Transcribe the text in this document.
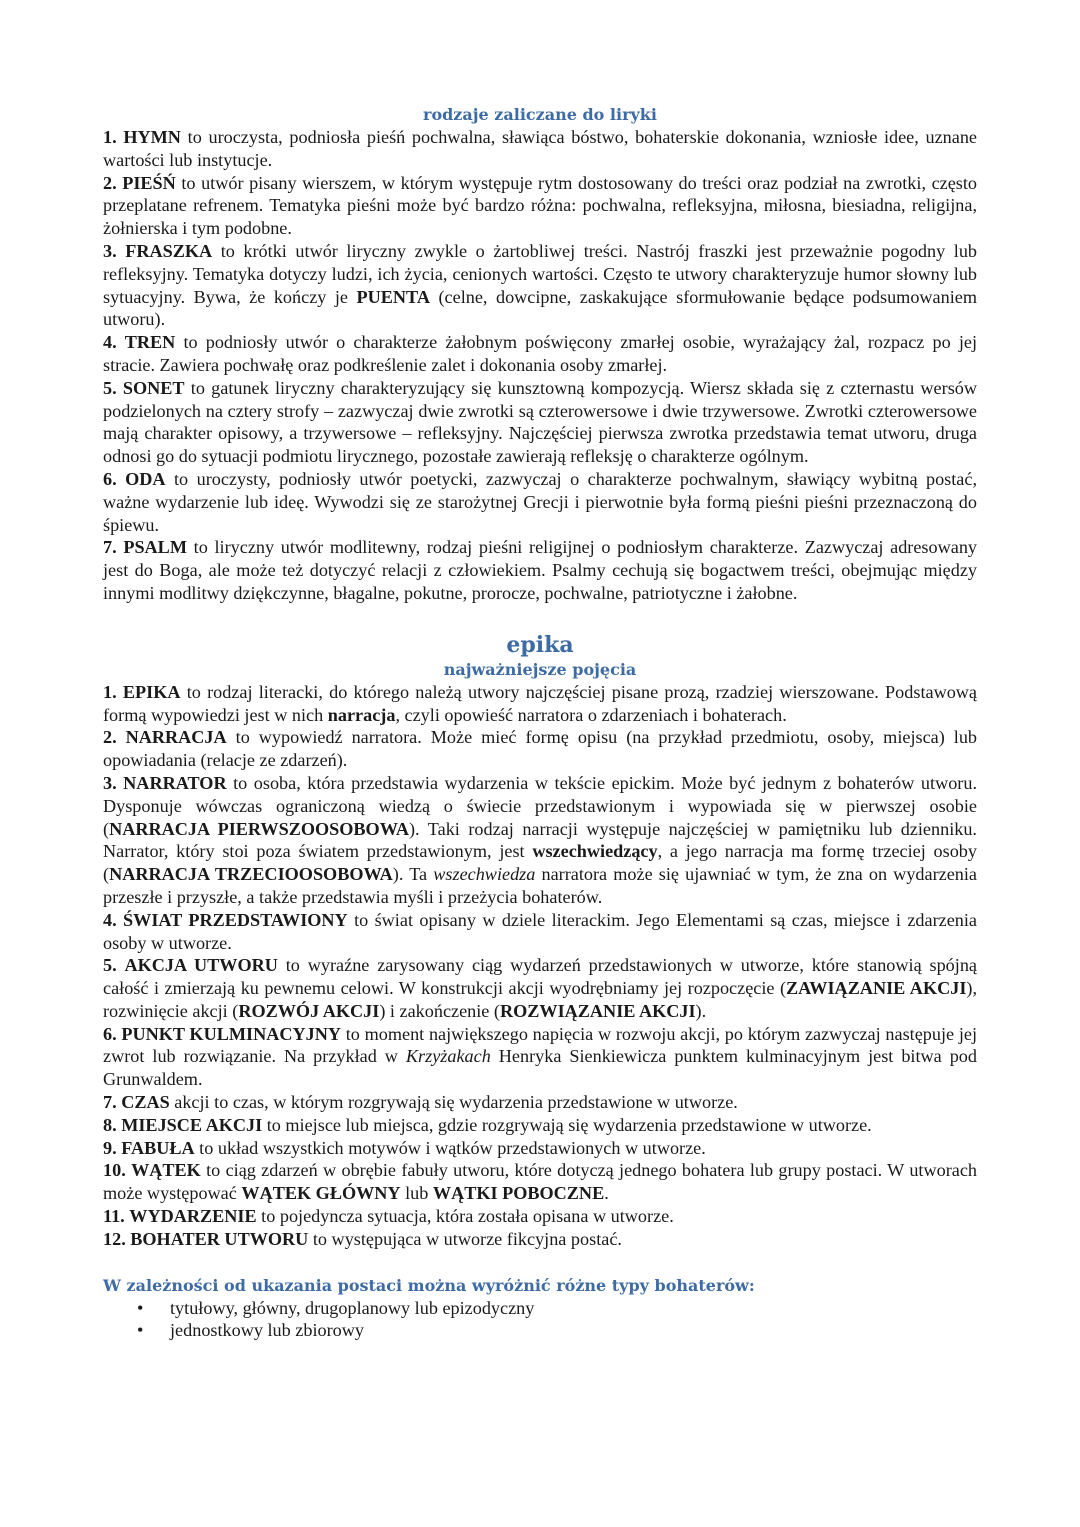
rodzaje zaliczane do liryki

1. HYMN to uroczysta, podniosła pieśń pochwalna, sławiąca bóstwo, bohaterskie dokonania, wzniosłe idee, uznane wartości lub instytucje.

2. PIEŚŃ to utwór pisany wierszem, w którym występuje rytm dostosowany do treści oraz podział na zwrotki, często przeplatane refrenem. Tematyka pieśni może być bardzo różna: pochwalna, refleksyjna, miłosna, biesiadna, religijna, żołnierska i tym podobne.

3. FRASZKA to krótki utwór liryczny zwykle o żartobliwej treści. Nastrój fraszki jest przeważnie pogodny lub refleksyjny. Tematyka dotyczy ludzi, ich życia, cenionych wartości. Często te utwory charakteryzuje humor słowny lub sytuacyjny. Bywa, że kończy je PUENTA (celne, dowcipne, zaskakujące sformułowanie będące podsumowaniem utworu).

4. TREN to podniosły utwór o charakterze żałobnym poświęcony zmarłej osobie, wyrażający żal, rozpacz po jej stracie. Zawiera pochwałę oraz podkreślenie zalet i dokonania osoby zmarłej.

5. SONET to gatunek liryczny charakteryzujący się kunsztowną kompozycją. Wiersz składa się z czternastu wersów podzielonych na cztery strofy – zazwyczaj dwie zwrotki są czterowersowe i dwie trzywersowe. Zwrotki czterowersowe mają charakter opisowy, a trzywersowe – refleksyjny. Najczęściej pierwsza zwrotka przedstawia temat utworu, druga odnosi go do sytuacji podmiotu lirycznego, pozostałe zawierają refleksję o charakterze ogólnym.

6. ODA to uroczysty, podniosły utwór poetycki, zazwyczaj o charakterze pochwalnym, sławiący wybitną postać, ważne wydarzenie lub ideę. Wywodzi się ze starożytnej Grecji i pierwotnie była formą pieśni pieśni przeznaczoną do śpiewu.

7. PSALM to liryczny utwór modlitewny, rodzaj pieśni religijnej o podniosłym charakterze. Zazwyczaj adresowany jest do Boga, ale może też dotyczyć relacji z człowiekiem. Psalmy cechują się bogactwem treści, obejmując między innymi modlitwy dziękczynne, błagalne, pokutne, prorocze, pochwalne, patriotyczne i żałobne.

epika
najważniejsze pojęcia

1. EPIKA to rodzaj literacki, do którego należą utwory najczęściej pisane prozą, rzadziej wierszowane. Podstawową formą wypowiedzi jest w nich narracja, czyli opowieść narratora o zdarzeniach i bohaterach.

2. NARRACJA to wypowiedź narratora. Może mieć formę opisu (na przykład przedmiotu, osoby, miejsca) lub opowiadania (relacje ze zdarzeń).

3. NARRATOR to osoba, która przedstawia wydarzenia w tekście epickim. Może być jednym z bohaterów utworu. Dysponuje wówczas ograniczoną wiedzą o świecie przedstawionym i wypowiada się w pierwszej osobie (NARRACJA PIERWSZOOSOBOWA). Taki rodzaj narracji występuje najczęściej w pamiętniku lub dzienniku. Narrator, który stoi poza światem przedstawionym, jest wszechwiedzący, a jego narracja ma formę trzeciej osoby (NARRACJA TRZECIOOSOBOWA). Ta wszechwiedza narratora może się ujawniać w tym, że zna on wydarzenia przeszłe i przyszłe, a także przedstawia myśli i przeżycia bohaterów.

4. ŚWIAT PRZEDSTAWIONY to świat opisany w dziele literackim. Jego Elementami są czas, miejsce i zdarzenia osoby w utworze.

5. AKCJA UTWORU to wyraźne zarysowany ciąg wydarzeń przedstawionych w utworze, które stanowią spójną całość i zmierzają ku pewnemu celowi. W konstrukcji akcji wyodrębniamy jej rozpoczęcie (ZAWIĄZANIE AKCJI), rozwinięcie akcji (ROZWÓJ AKCJI) i zakończenie (ROZWIĄZANIE AKCJI).

6. PUNKT KULMINACYJNY to moment największego napięcia w rozwoju akcji, po którym zazwyczaj następuje jej zwrot lub rozwiązanie. Na przykład w Krzyżakach Henryka Sienkiewicza punktem kulminacyjnym jest bitwa pod Grunwaldem.

7. CZAS akcji to czas, w którym rozgrywają się wydarzenia przedstawione w utworze.

8. MIEJSCE AKCJI to miejsce lub miejsca, gdzie rozgrywają się wydarzenia przedstawione w utworze.

9. FABUŁA to układ wszystkich motywów i wątków przedstawionych w utworze.

10. WĄTEK to ciąg zdarzeń w obrębie fabuły utworu, które dotyczą jednego bohatera lub grupy postaci. W utworach może występować WĄTEK GŁÓWNY lub WĄTKI POBOCZNE.

11. WYDARZENIE to pojedyncza sytuacja, która została opisana w utworze.

12. BOHATER UTWORU to występująca w utworze fikcyjna postać.

W zależności od ukazania postaci można wyróżnić różne typy bohaterów:
• tytułowy, główny, drugoplanowy lub epizodyczny
• jednostkowy lub zbiorowy
